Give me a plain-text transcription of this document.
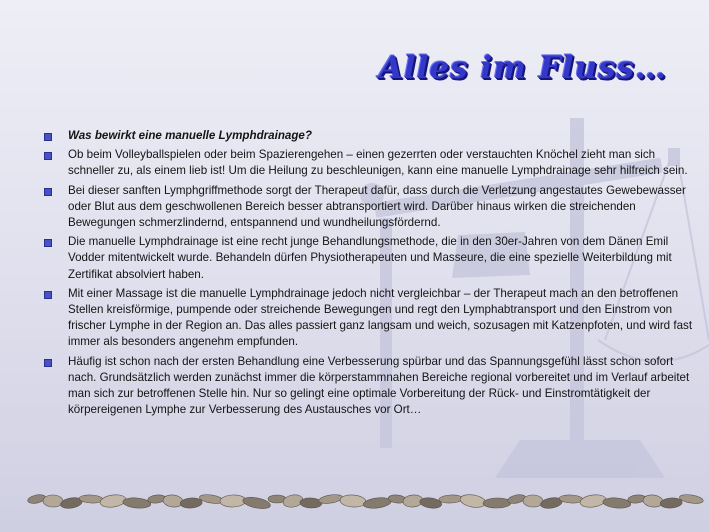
Alles im Fluss…
Was bewirkt eine manuelle Lymphdrainage?
Ob beim Volleyballspielen oder beim Spazierengehen – einen gezerrten oder verstauchten Knöchel zieht man sich schneller zu, als einem lieb ist! Um die Heilung zu beschleunigen, kann eine manuelle Lymphdrainage sehr hilfreich sein.
Bei dieser sanften Lymphgriffmethode sorgt der Therapeut dafür, dass durch die Verletzung angestautes Gewebewasser oder Blut aus dem geschwollenen Bereich besser abtransportiert wird. Darüber hinaus wirken die streichenden Bewegungen schmerzlindernd, entspannend und wundheilungsfördernd.
Die manuelle Lymphdrainage ist eine recht junge Behandlungsmethode, die in den 30er-Jahren von dem Dänen Emil Vodder mitentwickelt wurde. Behandeln dürfen Physiotherapeuten und Masseure, die eine spezielle Weiterbildung mit Zertifikat absolviert haben.
Mit einer Massage ist die manuelle Lymphdrainage jedoch nicht vergleichbar – der Therapeut mach an den betroffenen Stellen kreisförmige, pumpende oder streichende Bewegungen und regt den Lymphabtransport und den Einstrom von frischer Lymphe in der Region an. Das alles passiert ganz langsam und weich, sozusagen mit Katzenpfoten, und wird fast immer als besonders angenehm empfunden.
Häufig ist schon nach der ersten Behandlung eine Verbesserung spürbar und das Spannungsgefühl lässt schon sofort nach. Grundsätzlich werden zunächst immer die körperstammnahen Bereiche regional vorbereitet und im Verlauf arbeitet man sich zur betroffenen Stelle hin. Nur so gelingt eine optimale Vorbereitung der Rück- und Einstromtätigkeit der körpereigenen Lymphe zur Verbesserung des Austausches vor Ort…
